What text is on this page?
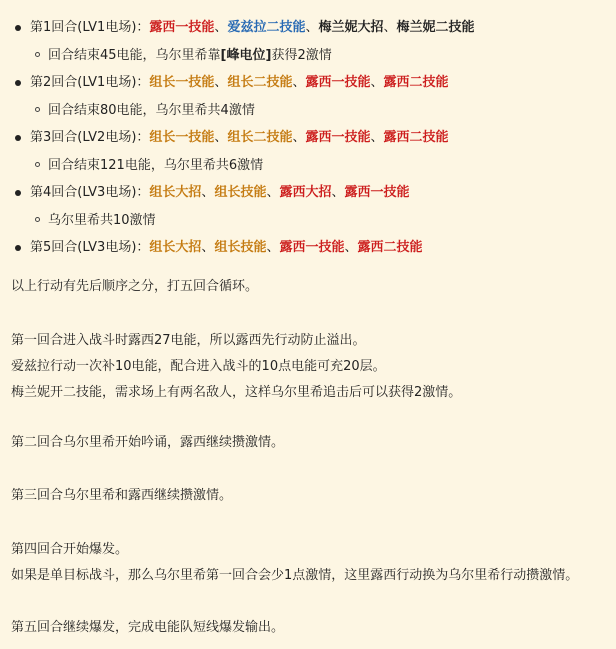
第1回合(LV1电场)：露西一技能、爱兹拉二技能、梅兰妮大招、梅兰妮二技能
回合结束45电能，乌尔里希靠[峰电位]获得2激情
第2回合(LV1电场)：组长一技能、组长二技能、露西一技能、露西二技能
回合结束80电能，乌尔里希共4激情
第3回合(LV2电场)：组长一技能、组长二技能、露西一技能、露西二技能
回合结束121电能，乌尔里希共6激情
第4回合(LV3电场)：组长大招、组长技能、露西大招、露西一技能
乌尔里希共10激情
第5回合(LV3电场)：组长大招、组长技能、露西一技能、露西二技能

以上行动有先后顺序之分，打五回合循环。

第一回合进入战斗时露西27电能，所以露西先行动防止溢出。

爱兹拉行动一次补10电能，配合进入战斗的10点电能可充20层。

梅兰妮开二技能，需求场上有两名敌人，这样乌尔里希追击后可以获得2激情。

第二回合乌尔里希开始吟诵，露西继续攒激情。

第三回合乌尔里希和露西继续攒激情。

第四回合开始爆发。

如果是单目标战斗，那么乌尔里希第一回合会少1点激情，这里露西行动换为乌尔里希行动攒激情。

第五回合继续爆发，完成电能队短线爆发输出。
